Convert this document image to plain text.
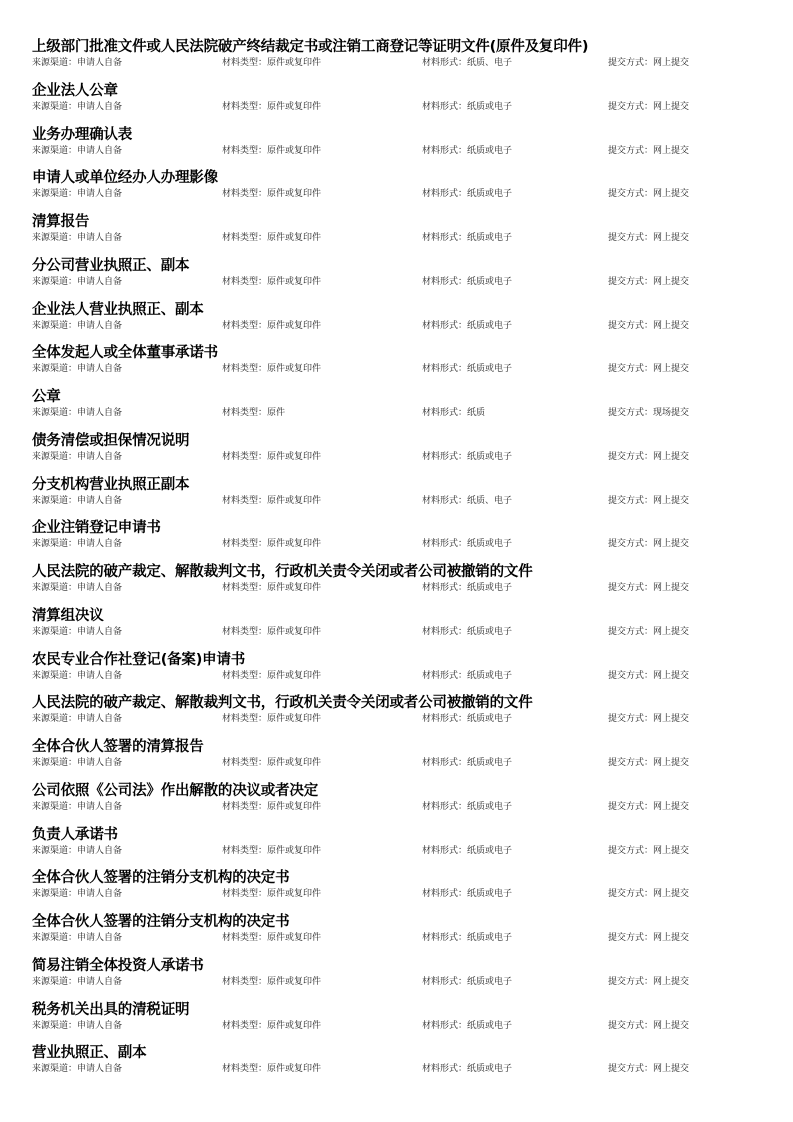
上级部门批准文件或人民法院破产终结裁定书或注销工商登记等证明文件(原件及复印件)
来源渠道：申请人自备	材料类型：原件或复印件	材料形式：纸质、电子	提交方式：网上提交
企业法人公章
来源渠道：申请人自备	材料类型：原件或复印件	材料形式：纸质或电子	提交方式：网上提交
业务办理确认表
来源渠道：申请人自备	材料类型：原件或复印件	材料形式：纸质或电子	提交方式：网上提交
申请人或单位经办人办理影像
来源渠道：申请人自备	材料类型：原件或复印件	材料形式：纸质或电子	提交方式：网上提交
清算报告
来源渠道：申请人自备	材料类型：原件或复印件	材料形式：纸质或电子	提交方式：网上提交
分公司营业执照正、副本
来源渠道：申请人自备	材料类型：原件或复印件	材料形式：纸质或电子	提交方式：网上提交
企业法人营业执照正、副本
来源渠道：申请人自备	材料类型：原件或复印件	材料形式：纸质或电子	提交方式：网上提交
全体发起人或全体董事承诺书
来源渠道：申请人自备	材料类型：原件或复印件	材料形式：纸质或电子	提交方式：网上提交
公章
来源渠道：申请人自备	材料类型：原件	材料形式：纸质	提交方式：现场提交
债务清偿或担保情况说明
来源渠道：申请人自备	材料类型：原件或复印件	材料形式：纸质或电子	提交方式：网上提交
分支机构营业执照正副本
来源渠道：申请人自备	材料类型：原件或复印件	材料形式：纸质、电子	提交方式：网上提交
企业注销登记申请书
来源渠道：申请人自备	材料类型：原件或复印件	材料形式：纸质或电子	提交方式：网上提交
人民法院的破产裁定、解散裁判文书，行政机关责令关闭或者公司被撤销的文件
来源渠道：申请人自备	材料类型：原件或复印件	材料形式：纸质或电子	提交方式：网上提交
清算组决议
来源渠道：申请人自备	材料类型：原件或复印件	材料形式：纸质或电子	提交方式：网上提交
农民专业合作社登记(备案)申请书
来源渠道：申请人自备	材料类型：原件或复印件	材料形式：纸质或电子	提交方式：网上提交
人民法院的破产裁定、解散裁判文书，行政机关责令关闭或者公司被撤销的文件
来源渠道：申请人自备	材料类型：原件或复印件	材料形式：纸质或电子	提交方式：网上提交
全体合伙人签署的清算报告
来源渠道：申请人自备	材料类型：原件或复印件	材料形式：纸质或电子	提交方式：网上提交
公司依照《公司法》作出解散的决议或者决定
来源渠道：申请人自备	材料类型：原件或复印件	材料形式：纸质或电子	提交方式：网上提交
负责人承诺书
来源渠道：申请人自备	材料类型：原件或复印件	材料形式：纸质或电子	提交方式：网上提交
全体合伙人签署的注销分支机构的决定书
来源渠道：申请人自备	材料类型：原件或复印件	材料形式：纸质或电子	提交方式：网上提交
全体合伙人签署的注销分支机构的决定书
来源渠道：申请人自备	材料类型：原件或复印件	材料形式：纸质或电子	提交方式：网上提交
简易注销全体投资人承诺书
来源渠道：申请人自备	材料类型：原件或复印件	材料形式：纸质或电子	提交方式：网上提交
税务机关出具的清税证明
来源渠道：申请人自备	材料类型：原件或复印件	材料形式：纸质或电子	提交方式：网上提交
营业执照正、副本
来源渠道：申请人自备	材料类型：原件或复印件	材料形式：纸质或电子	提交方式：网上提交
